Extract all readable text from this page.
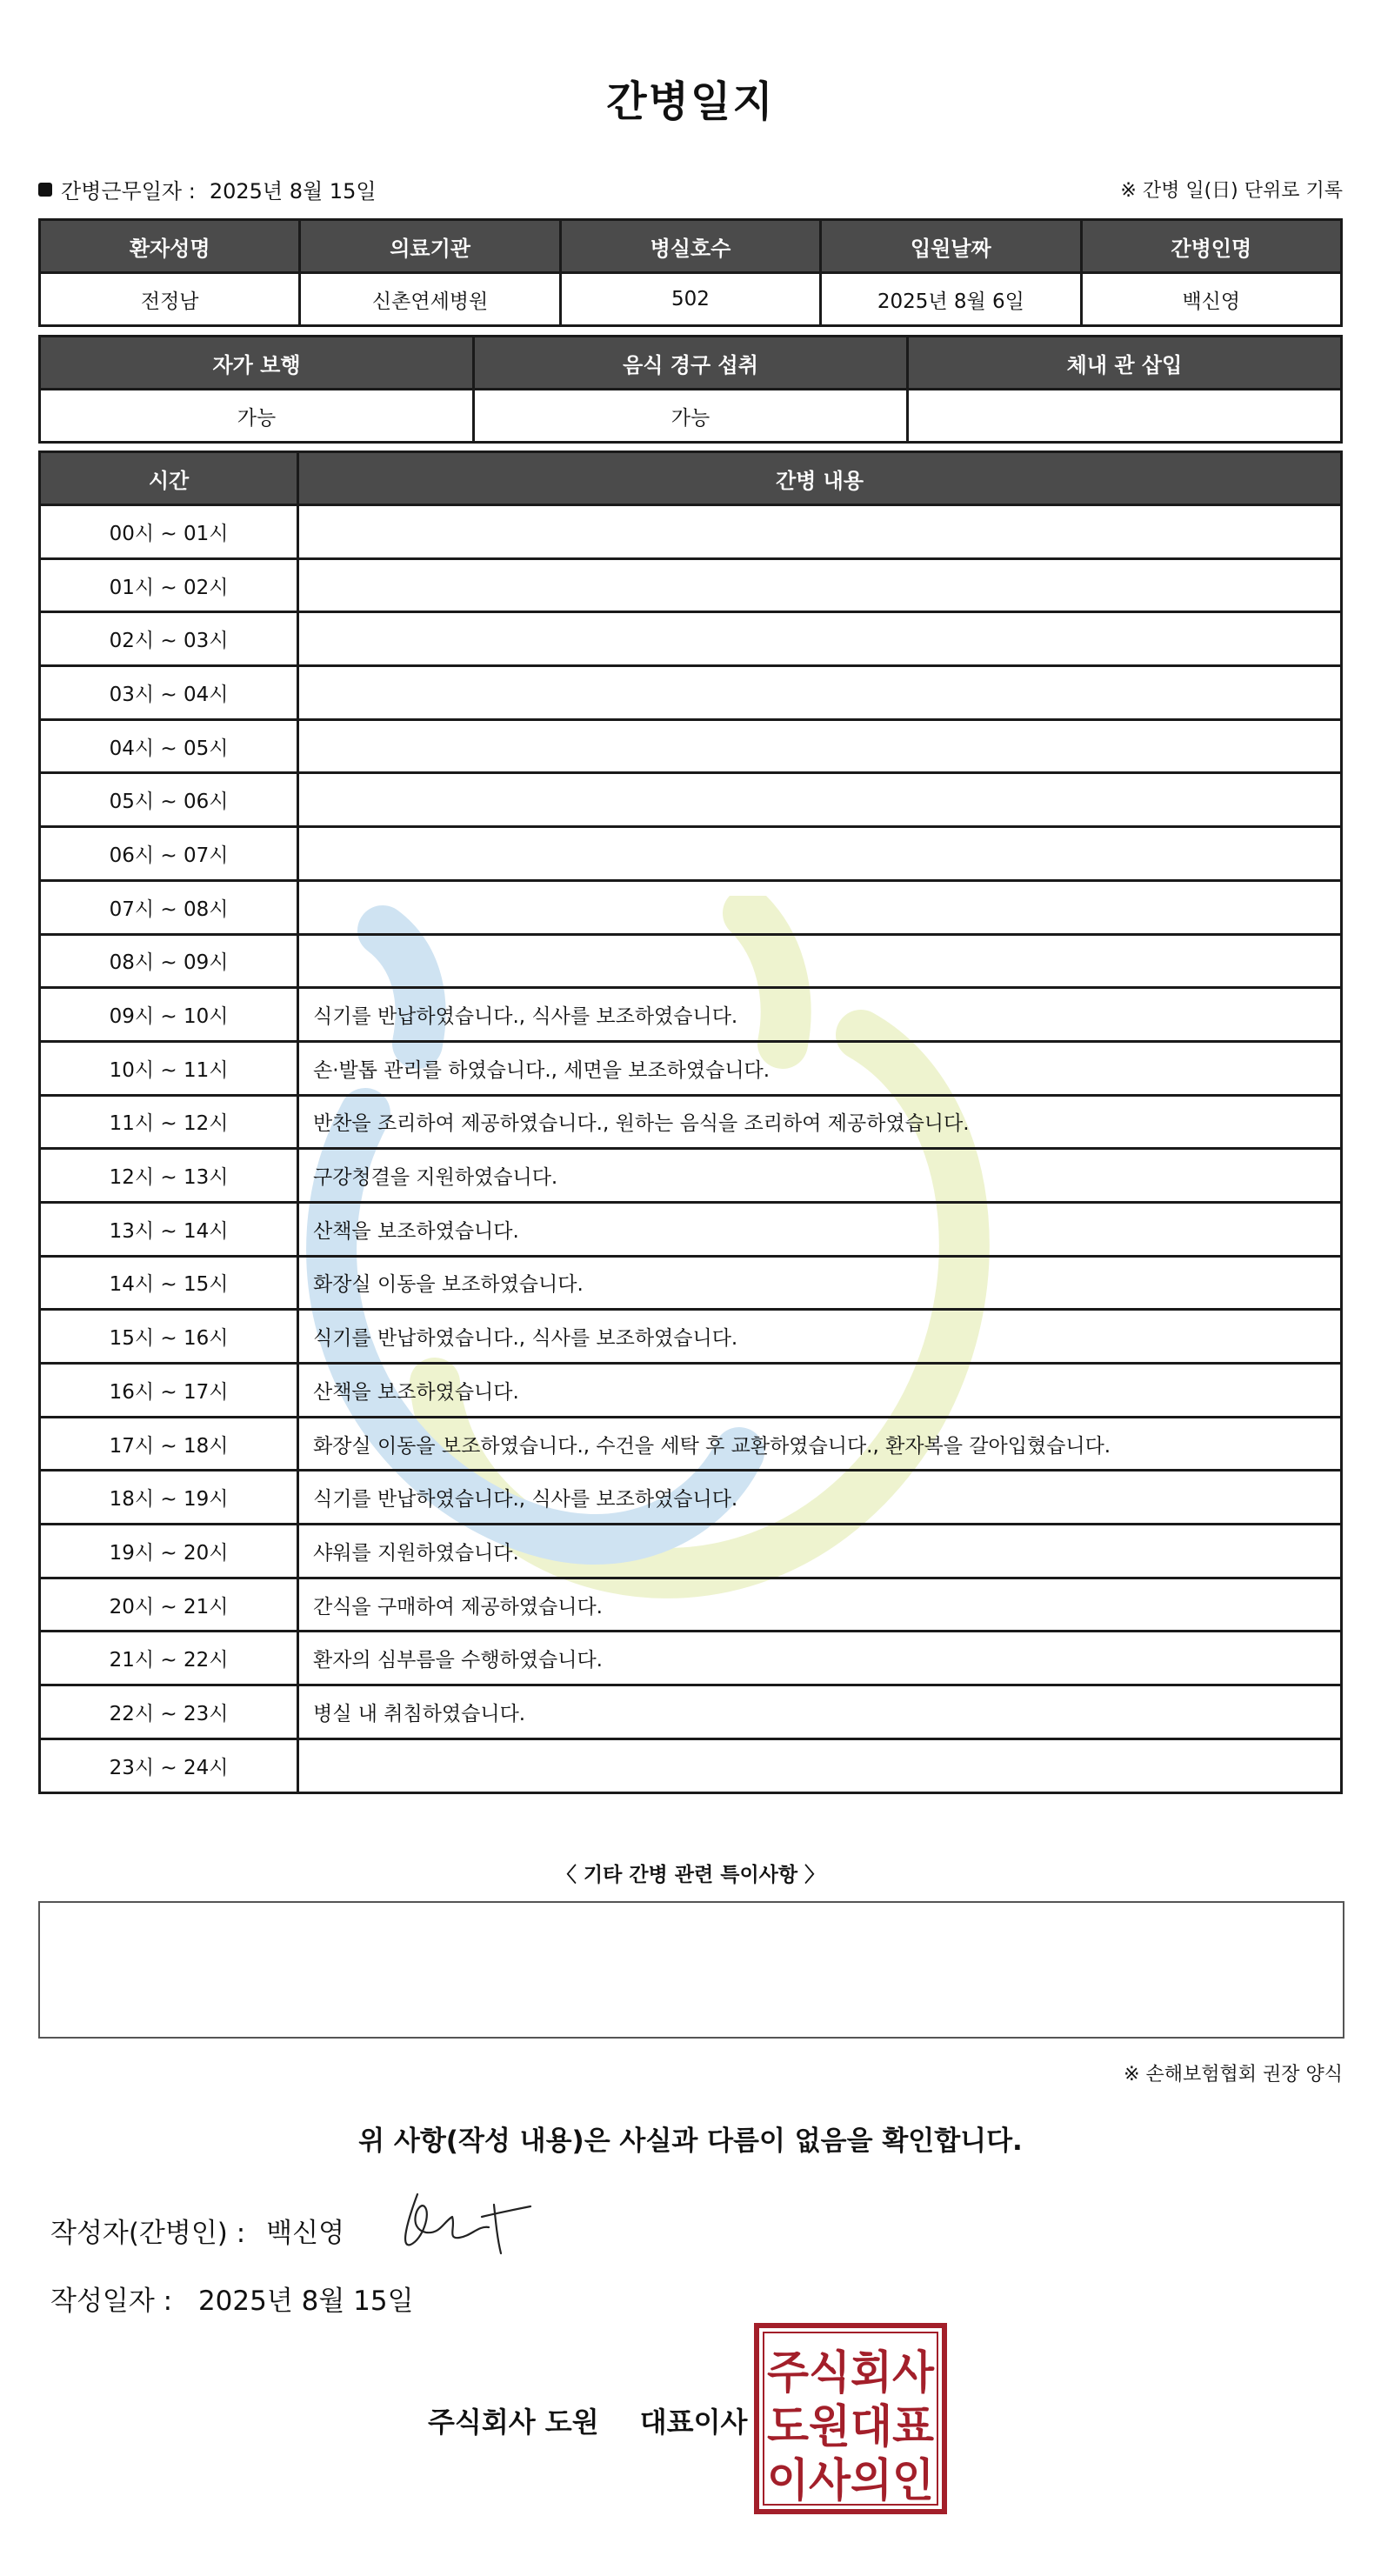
간병일지
간병근무일자 : 2025년 8월 15일	※ 간병 일(日) 단위로 기록
환자성명	의료기관	병실호수	입원날짜	간병인명
전정남	신촌연세병원	502	2025년 8월 6일	백신영
자가 보행	음식 경구 섭취	체내 관 삽입
가능	가능	
시간	간병 내용
00시 ~ 01시	
01시 ~ 02시	
02시 ~ 03시	
03시 ~ 04시	
04시 ~ 05시	
05시 ~ 06시	
06시 ~ 07시	
07시 ~ 08시	
08시 ~ 09시	
09시 ~ 10시	식기를 반납하였습니다., 식사를 보조하였습니다.
10시 ~ 11시	손·발톱 관리를 하였습니다., 세면을 보조하였습니다.
11시 ~ 12시	반찬을 조리하여 제공하였습니다., 원하는 음식을 조리하여 제공하였습니다.
12시 ~ 13시	구강청결을 지원하였습니다.
13시 ~ 14시	산책을 보조하였습니다.
14시 ~ 15시	화장실 이동을 보조하였습니다.
15시 ~ 16시	식기를 반납하였습니다., 식사를 보조하였습니다.
16시 ~ 17시	산책을 보조하였습니다.
17시 ~ 18시	화장실 이동을 보조하였습니다., 수건을 세탁 후 교환하였습니다., 환자복을 갈아입혔습니다.
18시 ~ 19시	식기를 반납하였습니다., 식사를 보조하였습니다.
19시 ~ 20시	샤워를 지원하였습니다.
20시 ~ 21시	간식을 구매하여 제공하였습니다.
21시 ~ 22시	환자의 심부름을 수행하였습니다.
22시 ~ 23시	병실 내 취침하였습니다.
23시 ~ 24시	
〈 기타 간병 관련 특이사항 〉
※ 손해보험협회 권장 양식
위 사항(작성 내용)은 사실과 다름이 없음을 확인합니다.
작성자(간병인) : 백신영
작성일자 : 2025년 8월 15일
주식회사 도원 대표이사
주식회사
도원대표
이사의인
